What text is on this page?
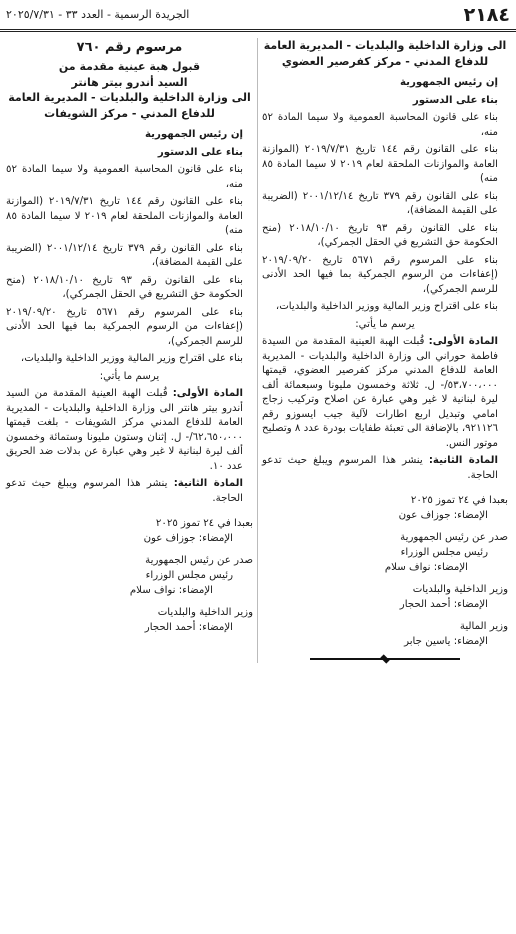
٢١٨٤
الجريدة الرسمية - العدد ٣٣ - ٢٠٢٥/٧/٣١

الى وزارة الداخلية والبلديات - المديرية العامة

للدفاع المدني - مركز كفرصير العضوي

إن رئيس الجمهورية

بناء على الدستور

بناء على قانون المحاسبة العمومية ولا سيما المادة ٥٢ منه،

بناء على القانون رقم ١٤٤ تاريخ ٢٠١٩/٧/٣١ (الموازنة العامة والموازنات الملحقة لعام ٢٠١٩ لا سيما المادة ٨٥ منه)

بناء على القانون رقم ٣٧٩ تاريخ ٢٠٠١/١٢/١٤ (الضريبة على القيمة المضافة)،

بناء على القانون رقم ٩٣ تاريخ ٢٠١٨/١٠/١٠ (منح الحكومة حق التشريع في الحقل الجمركي)،

بناء على المرسوم رقم ٥٦٧١ تاريخ ٢٠١٩/٠٩/٢٠ (إعفاءات من الرسوم الجمركية بما فيها الحد الأدنى للرسم الجمركي)،

بناء على اقتراح وزير المالية ووزير الداخلية والبلديات،

يرسم ما يأتي:

المادة الأولى: قُبلت الهبة العينية المقدمة من السيدة فاطمة حوراني الى وزارة الداخلية والبلديات - المديرية العامة للدفاع المدني مركز كفرصير العضوي، قيمتها ٥٣،٧٠٠،٠٠٠/- ل. ثلاثة وخمسون مليونا وسبعمائة ألف ليرة لبنانية لا غير وهي عبارة عن اصلاح وتركيب زجاج امامي وتبديل اربع اطارات لآلية جيب ايسوزو رقم ٩٢١١٢٦، بالإضافة الى تعبئة طفايات بودرة عدد ٨ وتصليح موتور النس.

المادة الثانية: ينشر هذا المرسوم ويبلغ حيث تدعو الحاجة.

بعبدا في ٢٤ تموز ٢٠٢٥

الإمضاء: جوزاف عون

صدر عن رئيس الجمهورية

رئيس مجلس الوزراء

الإمضاء: نواف سلام

وزير الداخلية والبلديات

الإمضاء: أحمد الحجار

وزير المالية

الإمضاء: ياسين جابر

مرسوم رقم ٧٦٠

قبول هبة عينية مقدمة من

السيد أندرو بيتر هانتر

الى وزارة الداخلية والبلديات - المديرية العامة

للدفاع المدني - مركز الشويفات

إن رئيس الجمهورية

بناء على الدستور

بناء على قانون المحاسبة العمومية ولا سيما المادة ٥٢ منه،

بناء على القانون رقم ١٤٤ تاريخ ٢٠١٩/٧/٣١ (الموازنة العامة والموازنات الملحقة لعام ٢٠١٩ لا سيما المادة ٨٥ منه)

بناء على القانون رقم ٣٧٩ تاريخ ٢٠٠١/١٢/١٤ (الضريبة على القيمة المضافة)،

بناء على القانون رقم ٩٣ تاريخ ٢٠١٨/١٠/١٠ (منح الحكومة حق التشريع في الحقل الجمركي)،

بناء على المرسوم رقم ٥٦٧١ تاريخ ٢٠١٩/٠٩/٢٠ (إعفاءات من الرسوم الجمركية بما فيها الحد الأدنى للرسم الجمركي)،

بناء على اقتراح وزير المالية ووزير الداخلية والبلديات،

يرسم ما يأتي:

المادة الأولى: قُبلت الهبة العينية المقدمة من السيد أندرو بيتر هانتر الى وزارة الداخلية والبلديات - المديرية العامة للدفاع المدني مركز الشويفات - بلغت قيمتها ٦٢،٦٥٠،٠٠٠/- ل. إثنان وستون مليونا وستمائة وخمسون ألف ليرة لبنانية لا غير وهي عبارة عن بدلات ضد الحريق عدد ١٠.

المادة الثانية: ينشر هذا المرسوم ويبلغ حيث تدعو الحاجة.

بعبدا في ٢٤ تموز ٢٠٢٥

الإمضاء: جوزاف عون

صدر عن رئيس الجمهورية

رئيس مجلس الوزراء

الإمضاء: نواف سلام

وزير الداخلية والبلديات

الإمضاء: أحمد الحجار
